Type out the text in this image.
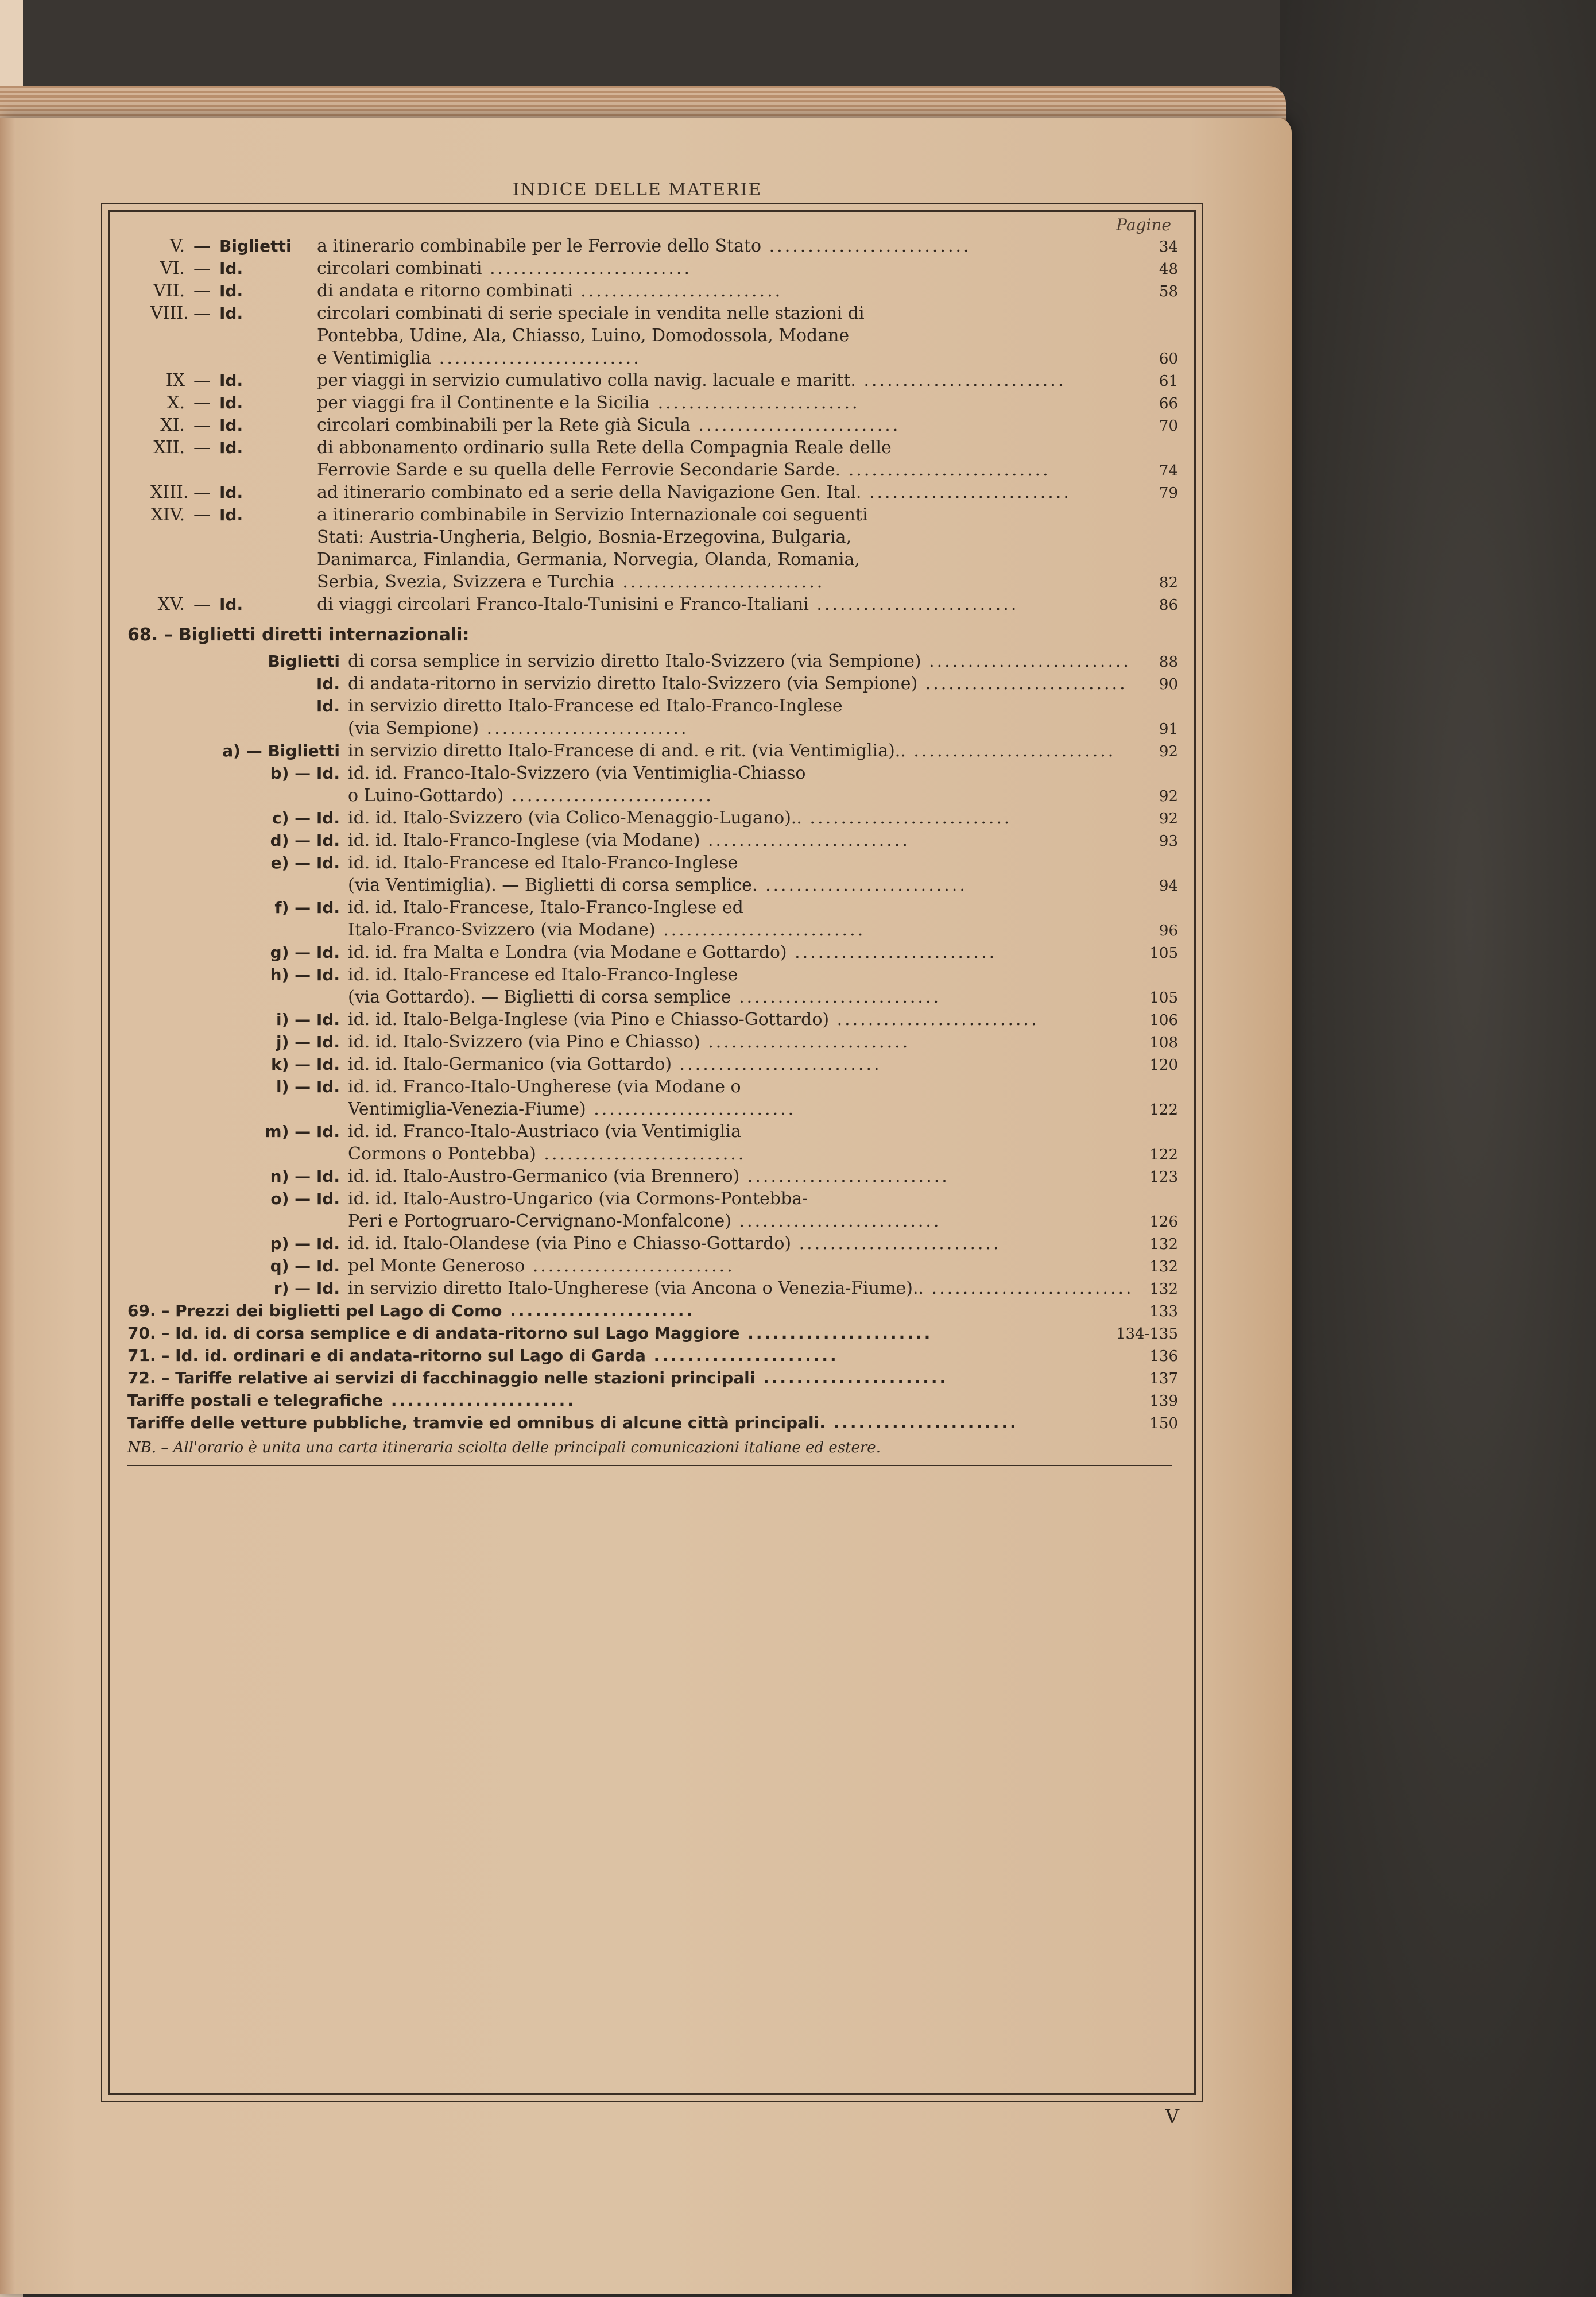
INDICE DELLE MATERIE
Pagine
V. — Biglietti	a itinerario combinabile per le Ferrovie dello Stato ..........................	34
VI. — Id.	circolari combinati ..........................	48
VII. — Id.	di andata e ritorno combinati ..........................	58
VIII. — Id.	circolari combinati di serie speciale in vendita nelle stazioni di
Pontebba, Udine, Ala, Chiasso, Luino, Domodossola, Modane
e Ventimiglia ..........................	60
IX — Id.	per viaggi in servizio cumulativo colla navig. lacuale e maritt. ..........................	61
X. — Id.	per viaggi fra il Continente e la Sicilia ..........................	66
XI. — Id.	circolari combinabili per la Rete già Sicula ..........................	70
XII. — Id.	di abbonamento ordinario sulla Rete della Compagnia Reale delle
Ferrovie Sarde e su quella delle Ferrovie Secondarie Sarde. ..........................	74
XIII. — Id.	ad itinerario combinato ed a serie della Navigazione Gen. Ital. ..........................	79
XIV. — Id.	a itinerario combinabile in Servizio Internazionale coi seguenti
Stati: Austria-Ungheria, Belgio, Bosnia-Erzegovina, Bulgaria,
Danimarca, Finlandia, Germania, Norvegia, Olanda, Romania,
Serbia, Svezia, Svizzera e Turchia ..........................	82
XV. — Id.	di viaggi circolari Franco-Italo-Tunisini e Franco-Italiani ..........................	86
68. – Biglietti diretti internazionali:
Biglietti di corsa semplice in servizio diretto Italo-Svizzero (via Sempione) ..........................	88
Id. di andata-ritorno in servizio diretto Italo-Svizzero (via Sempione) ..........................	90
Id. in servizio diretto Italo-Francese ed Italo-Franco-Inglese
(via Sempione) ..........................	91
a) — Biglietti in servizio diretto Italo-Francese di and. e rit. (via Ventimiglia).. ..........................	92
b) — Id. id. id. Franco-Italo-Svizzero (via Ventimiglia-Chiasso
o Luino-Gottardo) ..........................	92
c) — Id. id. id. Italo-Svizzero (via Colico-Menaggio-Lugano).. ..........................	92
d) — Id. id. id. Italo-Franco-Inglese (via Modane) ..........................	93
e) — Id. id. id. Italo-Francese ed Italo-Franco-Inglese
(via Ventimiglia). — Biglietti di corsa semplice. ..........................	94
f) — Id. id. id. Italo-Francese, Italo-Franco-Inglese ed
Italo-Franco-Svizzero (via Modane) ..........................	96
g) — Id. id. id. fra Malta e Londra (via Modane e Gottardo) ..........................	105
h) — Id. id. id. Italo-Francese ed Italo-Franco-Inglese
(via Gottardo). — Biglietti di corsa semplice ..........................	105
i) — Id. id. id. Italo-Belga-Inglese (via Pino e Chiasso-Gottardo) ..........................	106
j) — Id. id. id. Italo-Svizzero (via Pino e Chiasso) ..........................	108
k) — Id. id. id. Italo-Germanico (via Gottardo) ..........................	120
l) — Id. id. id. Franco-Italo-Ungherese (via Modane o
Ventimiglia-Venezia-Fiume) ..........................	122
m) — Id. id. id. Franco-Italo-Austriaco (via Ventimiglia
Cormons o Pontebba) ..........................	122
n) — Id. id. id. Italo-Austro-Germanico (via Brennero) ..........................	123
o) — Id. id. id. Italo-Austro-Ungarico (via Cormons-Pontebba-
Peri e Portogruaro-Cervignano-Monfalcone) ..........................	126
p) — Id. id. id. Italo-Olandese (via Pino e Chiasso-Gottardo) ..........................	132
q) — Id. pel Monte Generoso ..........................	132
r) — Id. in servizio diretto Italo-Ungherese (via Ancona o Venezia-Fiume).. ..........................	132
69. – Prezzi dei biglietti pel Lago di Como ......................	133
70. – Id. id. di corsa semplice e di andata-ritorno sul Lago Maggiore ......................	134-135
71. – Id. id. ordinari e di andata-ritorno sul Lago di Garda ......................	136
72. – Tariffe relative ai servizi di facchinaggio nelle stazioni principali ......................	137
Tariffe postali e telegrafiche ......................	139
Tariffe delle vetture pubbliche, tramvie ed omnibus di alcune città principali. ......................	150
NB. – All'orario è unita una carta itineraria sciolta delle principali comunicazioni italiane ed estere.
V
